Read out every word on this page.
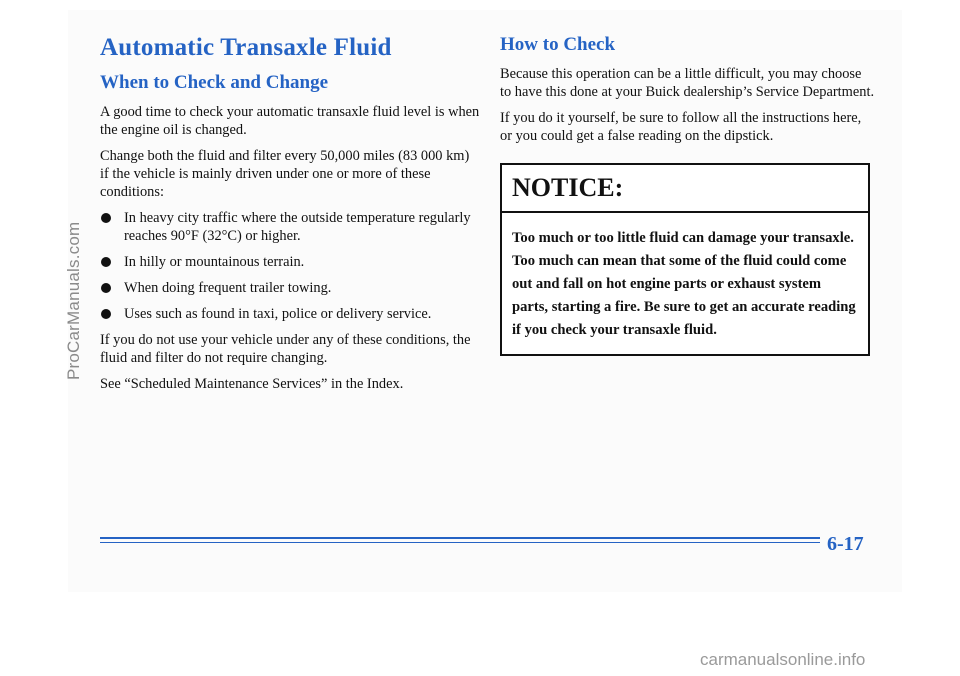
Automatic Transaxle Fluid
When to Check and Change

A good time to check your automatic transaxle fluid level is when the engine oil is changed.

Change both the fluid and filter every 50,000 miles (83 000 km) if the vehicle is mainly driven under one or more of these conditions:

In heavy city traffic where the outside temperature regularly reaches 90°F (32°C) or higher.
In hilly or mountainous terrain.
When doing frequent trailer towing.
Uses such as found in taxi, police or delivery service.

If you do not use your vehicle under any of these conditions, the fluid and filter do not require changing.

See “Scheduled Maintenance Services” in the Index.

How to Check

Because this operation can be a little difficult, you may choose to have this done at your Buick dealership’s Service Department.

If you do it yourself, be sure to follow all the instructions here, or you could get a false reading on the dipstick.

NOTICE:
Too much or too little fluid can damage your transaxle. Too much can mean that some of the fluid could come out and fall on hot engine parts or exhaust system parts, starting a fire. Be sure to get an accurate reading if you check your transaxle fluid.
ProCarManuals.com
6-17
carmanualsonline.info
